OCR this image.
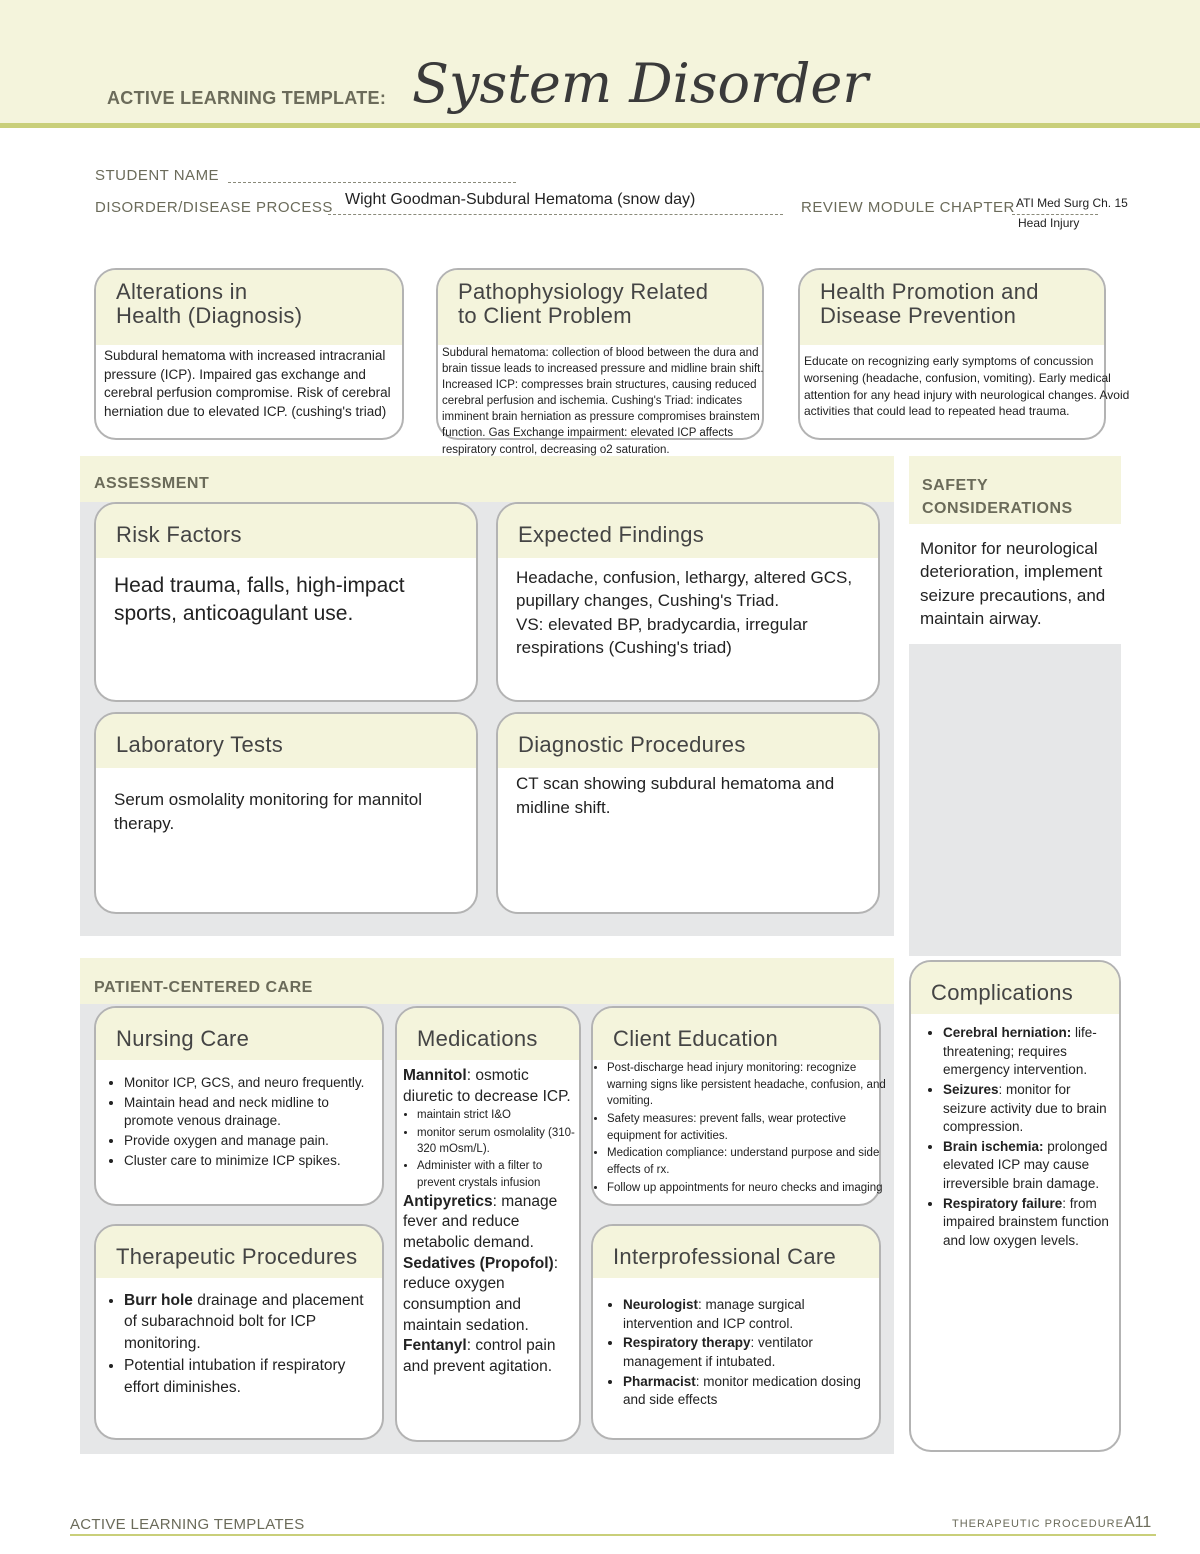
ACTIVE LEARNING TEMPLATE: System Disorder
STUDENT NAME
DISORDER/DISEASE PROCESS Wight Goodman-Subdural Hematoma (snow day)	REVIEW MODULE CHAPTER ATI Med Surg Ch. 15
Head Injury
Alterations in
Health (Diagnosis)
Subdural hematoma with increased intracranial pressure (ICP). Impaired gas exchange and cerebral perfusion compromise. Risk of cerebral herniation due to elevated ICP. (cushing's triad)
Pathophysiology Related
to Client Problem
Subdural hematoma: collection of blood between the dura and brain tissue leads to increased pressure and midline brain shift. Increased ICP: compresses brain structures, causing reduced cerebral perfusion and ischemia. Cushing's Triad: indicates imminent brain herniation as pressure compromises brainstem function. Gas Exchange impairment: elevated ICP affects respiratory control, decreasing o2 saturation.
Health Promotion and
Disease Prevention
Educate on recognizing early symptoms of concussion worsening (headache, confusion, vomiting). Early medical attention for any head injury with neurological changes. Avoid activities that could lead to repeated head trauma.
ASSESSMENT
Risk Factors
Head trauma, falls, high-impact sports, anticoagulant use.
Expected Findings
Headache, confusion, lethargy, altered GCS, pupillary changes, Cushing's Triad.
VS: elevated BP, bradycardia, irregular respirations (Cushing's triad)
Laboratory Tests
Serum osmolality monitoring for mannitol therapy.
Diagnostic Procedures
CT scan showing subdural hematoma and midline shift.
SAFETY
CONSIDERATIONS
Monitor for neurological deterioration, implement seizure precautions, and maintain airway.
PATIENT-CENTERED CARE
Nursing Care
• Monitor ICP, GCS, and neuro frequently.
• Maintain head and neck midline to promote venous drainage.
• Provide oxygen and manage pain.
• Cluster care to minimize ICP spikes.
Medications
Mannitol: osmotic diuretic to decrease ICP.
• maintain strict I&O
• monitor serum osmolality (310-320 mOsm/L).
• Administer with a filter to prevent crystals infusion
Antipyretics: manage fever and reduce metabolic demand.
Sedatives (Propofol): reduce oxygen consumption and maintain sedation.
Fentanyl: control pain and prevent agitation.
Client Education
• Post-discharge head injury monitoring: recognize warning signs like persistent headache, confusion, and vomiting.
• Safety measures: prevent falls, wear protective equipment for activities.
• Medication compliance: understand purpose and side effects of rx.
• Follow up appointments for neuro checks and imaging
Therapeutic Procedures
• Burr hole drainage and placement of subarachnoid bolt for ICP monitoring.
• Potential intubation if respiratory effort diminishes.
Interprofessional Care
• Neurologist: manage surgical intervention and ICP control.
• Respiratory therapy: ventilator management if intubated.
• Pharmacist: monitor medication dosing and side effects
Complications
• Cerebral herniation: life-threatening; requires emergency intervention.
• Seizures: monitor for seizure activity due to brain compression.
• Brain ischemia: prolonged elevated ICP may cause irreversible brain damage.
• Respiratory failure: from impaired brainstem function and low oxygen levels.
ACTIVE LEARNING TEMPLATES	THERAPEUTIC PROCEDURE A11
